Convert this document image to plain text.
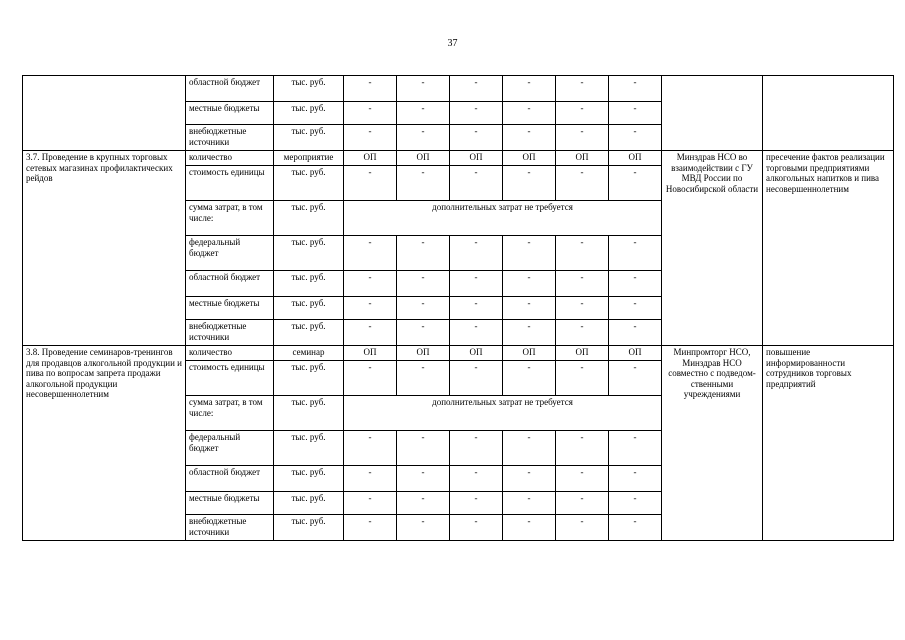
37
	областной бюджет	тыс. руб.	-	-	-	-	-	-		
	местные бюджеты	тыс. руб.	-	-	-	-	-	-		
	внебюджетные источники	тыс. руб.	-	-	-	-	-	-		
3.7. Проведение в крупных торговых сетевых магазинах профилактических рейдов	количество	мероприятие	ОП	ОП	ОП	ОП	ОП	ОП	Минздрав НСО во взаимодействии с ГУ МВД России по Новосибирской области	пресечение фактов реализации торговыми предприятиями алкогольных напитков и пива несовершеннолетним
	стоимость единицы	тыс. руб.	-	-	-	-	-	-		
	сумма затрат, в том числе:	тыс. руб.	дополнительных затрат не требуется							
	федеральный бюджет	тыс. руб.	-	-	-	-	-	-		
	областной бюджет	тыс. руб.	-	-	-	-	-	-		
	местные бюджеты	тыс. руб.	-	-	-	-	-	-		
	внебюджетные источники	тыс. руб.	-	-	-	-	-	-		
3.8. Проведение семинаров-тренингов для продавцов алкогольной продукции и пива по вопросам запрета продажи алкогольной продукции несовершеннолетним	количество	семинар	ОП	ОП	ОП	ОП	ОП	ОП	Минпромторг НСО, Минздрав НСО совместно с подведом-ственными учреждениями	повышение информированности сотрудников торговых предприятий
	стоимость единицы	тыс. руб.	-	-	-	-	-	-		
	сумма затрат, в том числе:	тыс. руб.	дополнительных затрат не требуется							
	федеральный бюджет	тыс. руб.	-	-	-	-	-	-		
	областной бюджет	тыс. руб.	-	-	-	-	-	-		
	местные бюджеты	тыс. руб.	-	-	-	-	-	-		
	внебюджетные источники	тыс. руб.	-	-	-	-	-	-		
